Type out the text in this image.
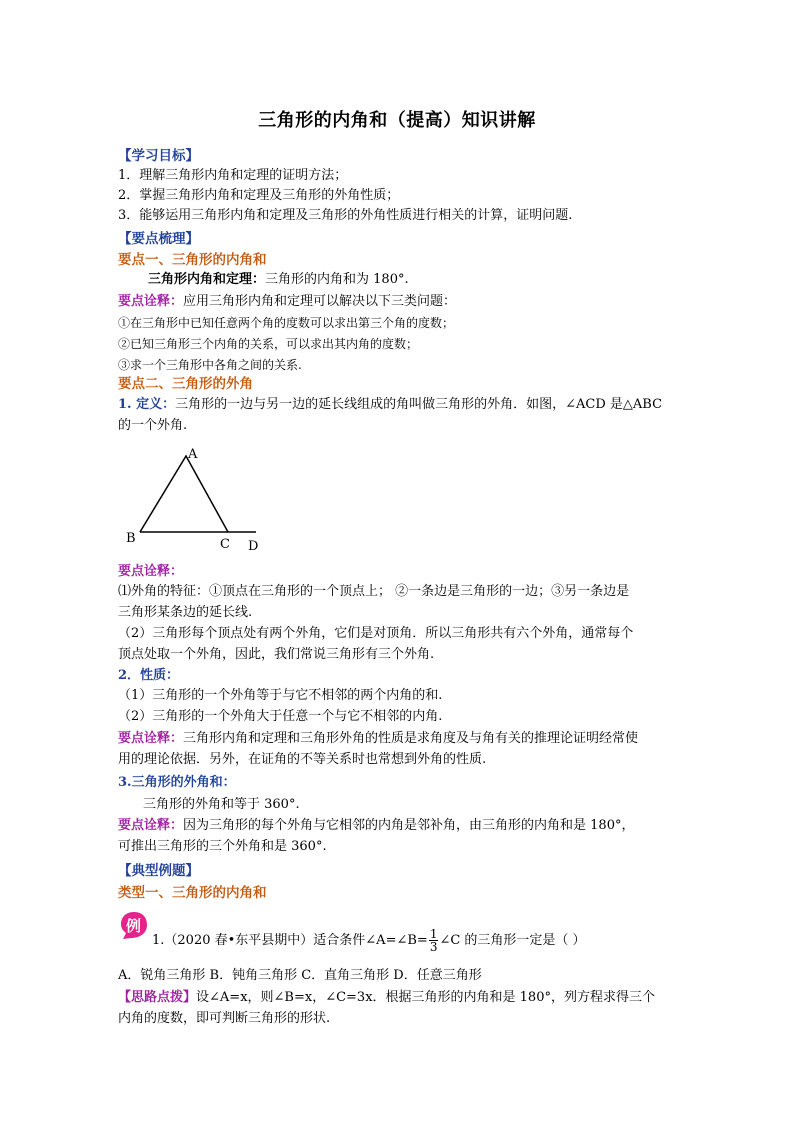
三角形的内角和（提高）知识讲解
【学习目标】
1．理解三角形内角和定理的证明方法；
2．掌握三角形内角和定理及三角形的外角性质；
3．能够运用三角形内角和定理及三角形的外角性质进行相关的计算，证明问题.
【要点梳理】
要点一、三角形的内角和
三角形内角和定理：三角形的内角和为 180°.
要点诠释：应用三角形内角和定理可以解决以下三类问题：
①在三角形中已知任意两个角的度数可以求出第三个角的度数；
②已知三角形三个内角的关系，可以求出其内角的度数；
③求一个三角形中各角之间的关系.
要点二、三角形的外角
1. 定义：三角形的一边与另一边的延长线组成的角叫做三角形的外角．如图，∠ACD 是△ABC
的一个外角.
A
B	C D
要点诠释：
⑴外角的特征：①顶点在三角形的一个顶点上； ②一条边是三角形的一边；③另一条边是
三角形某条边的延长线.
（2）三角形每个顶点处有两个外角，它们是对顶角．所以三角形共有六个外角，通常每个
顶点处取一个外角，因此，我们常说三角形有三个外角.
2．性质：
（1）三角形的一个外角等于与它不相邻的两个内角的和.
（2）三角形的一个外角大于任意一个与它不相邻的内角.
要点诠释：三角形内角和定理和三角形外角的性质是求角度及与角有关的推理论证明经常使
用的理论依据．另外，在证角的不等关系时也常想到外角的性质.
3.三角形的外角和：
三角形的外角和等于 360°.
要点诠释：因为三角形的每个外角与它相邻的内角是邻补角，由三角形的内角和是 180°，
可推出三角形的三个外角和是 360°.
【典型例题】
类型一、三角形的内角和
例
1.（2020 春•东平县期中）适合条件∠A=∠B= $\frac{1}{3}$ ∠C 的三角形一定是（ ）
A．锐角三角形 B．钝角三角形 C．直角三角形 D．任意三角形
【思路点拨】设∠A=x，则∠B=x，∠C=3x．根据三角形的内角和是 180°，列方程求得三个
内角的度数，即可判断三角形的形状.
